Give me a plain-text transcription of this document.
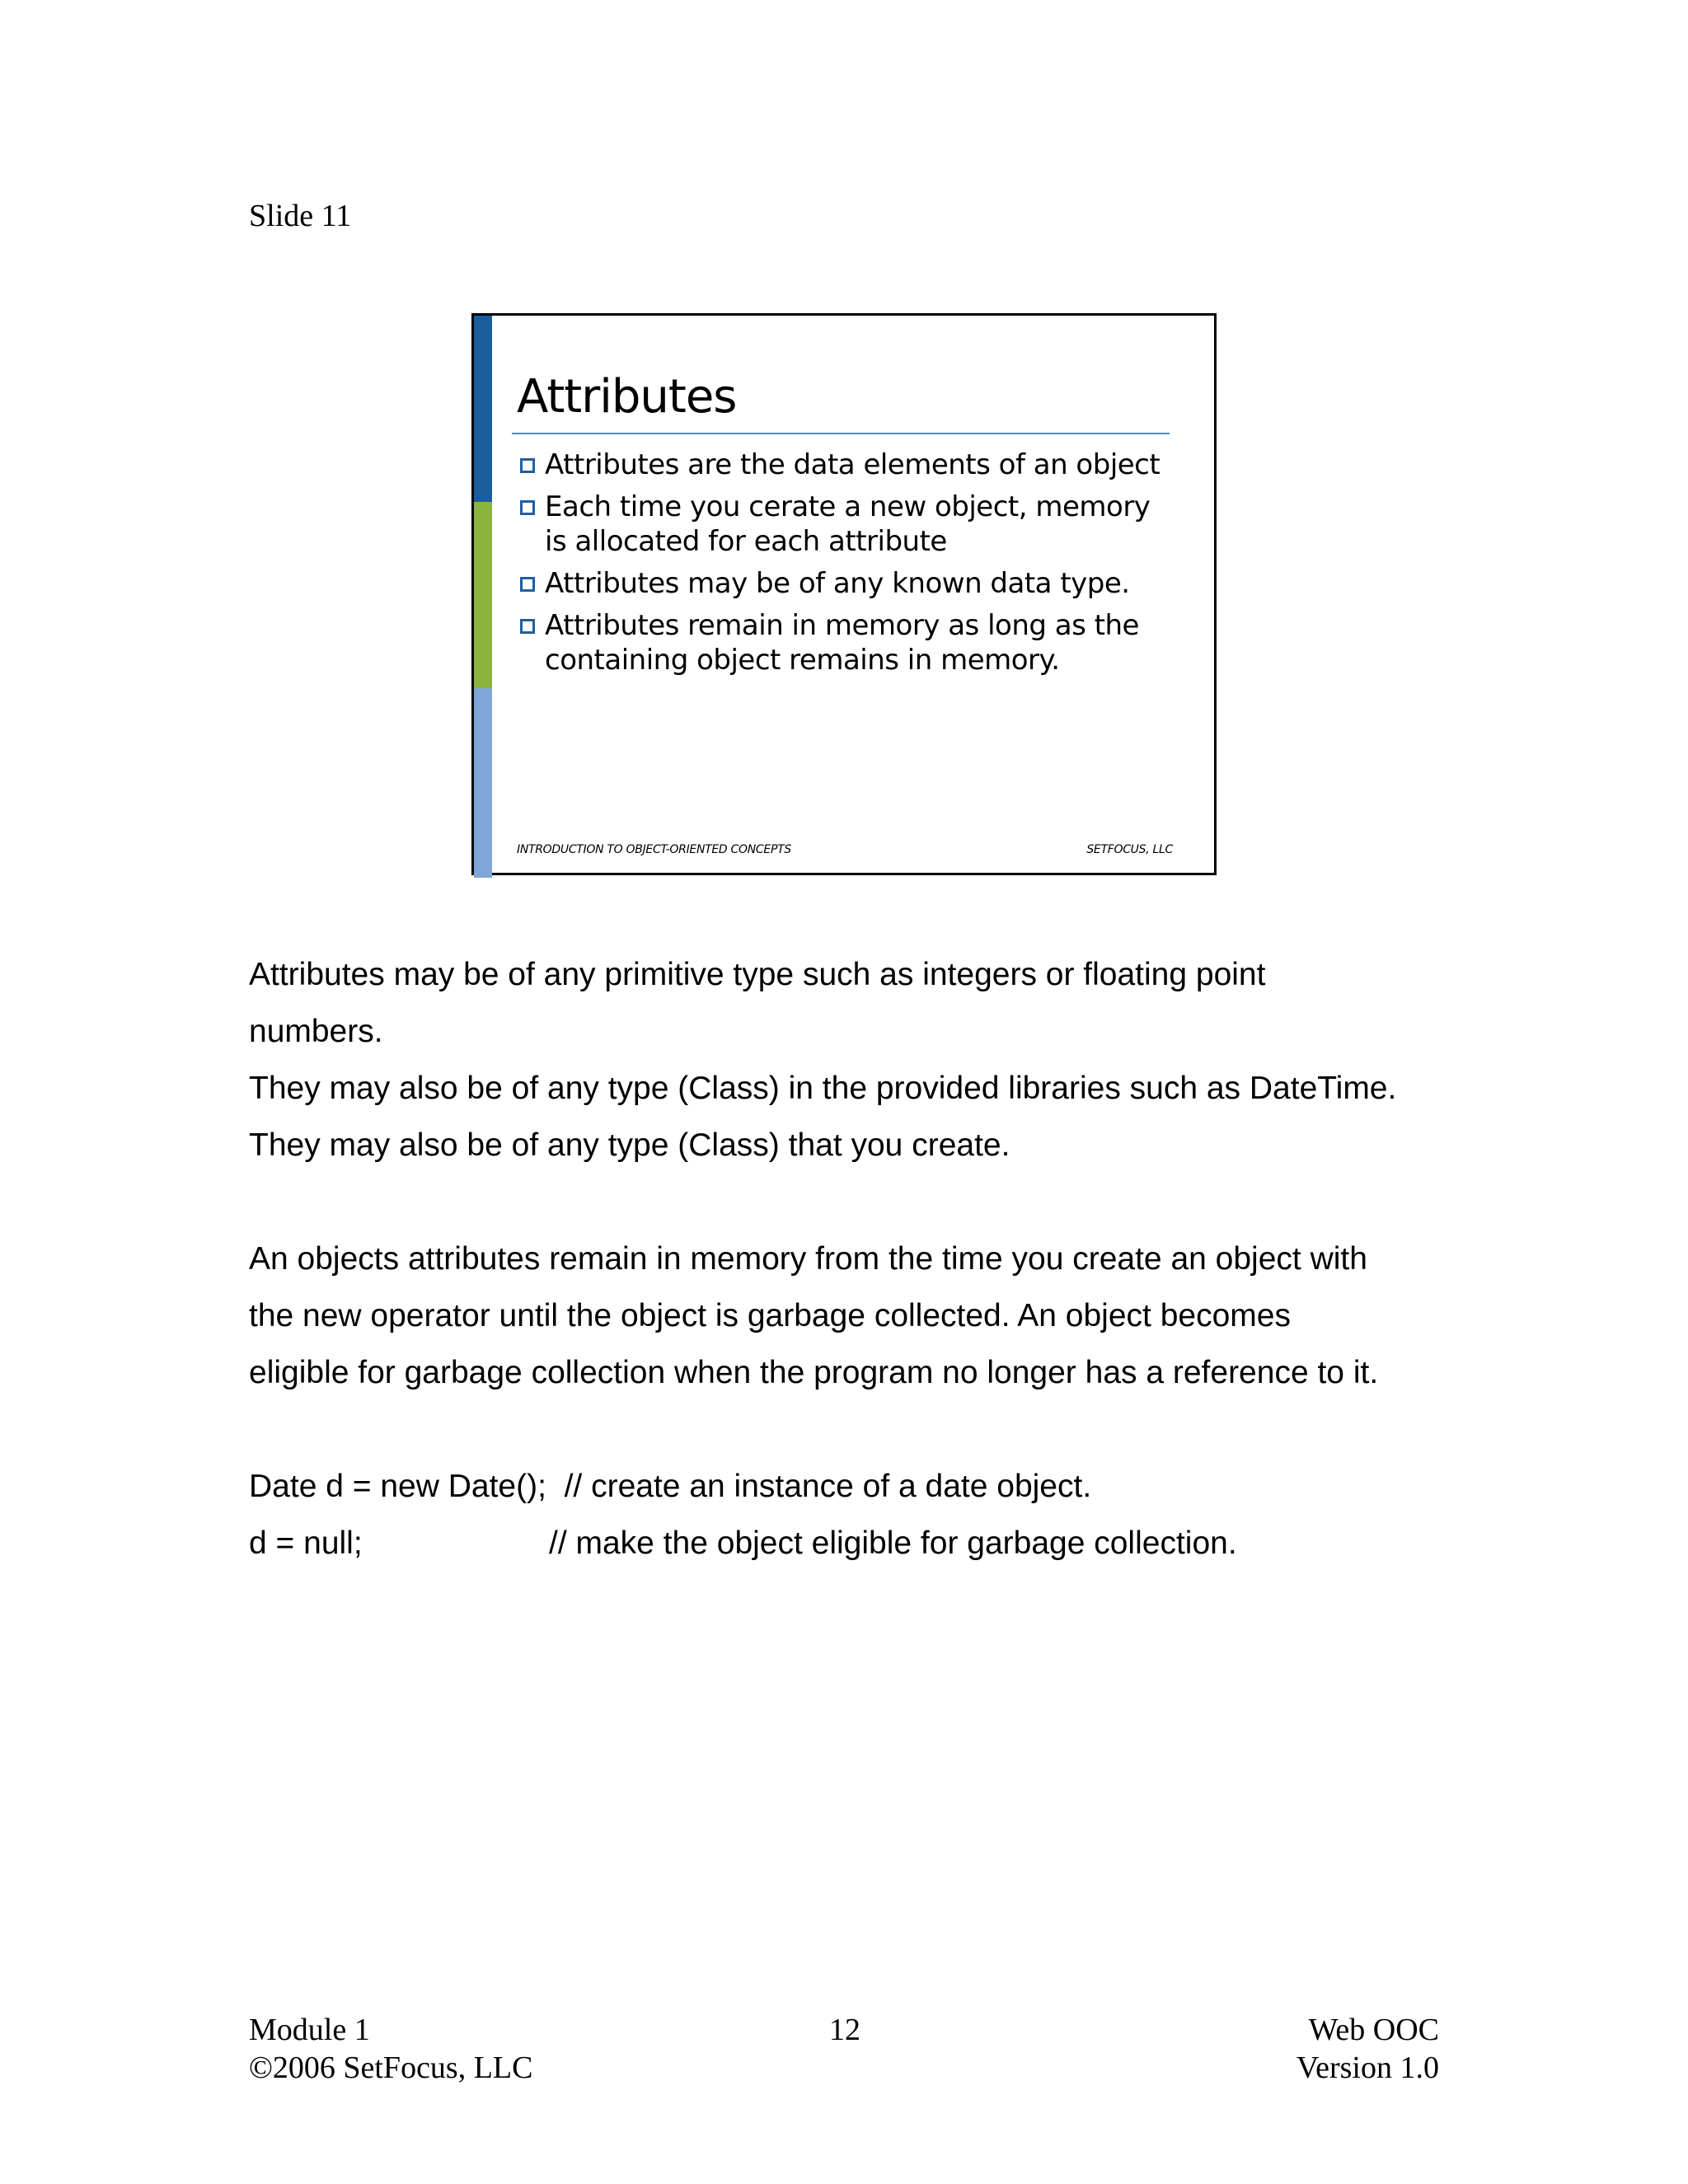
Slide 11
Attributes
Attributes are the data elements of an object
Each time you cerate a new object, memory is allocated for each attribute
Attributes may be of any known data type.
Attributes remain in memory as long as the containing object remains in memory.
INTRODUCTION TO OBJECT-ORIENTED CONCEPTS	SETFOCUS, LLC

Attributes may be of any primitive type such as integers or floating point

numbers.

They may also be of any type (Class) in the provided libraries such as DateTime.

They may also be of any type (Class) that you create.

An objects attributes remain in memory from the time you create an object with

the new operator until the object is garbage collected. An object becomes

eligible for garbage collection when the program no longer has a reference to it.

Date d = new Date(); // create an instance of a date object.

d = null;	// make the object eligible for garbage collection.

Module 1
©2006 SetFocus, LLC
12	Web OOC
Version 1.0
